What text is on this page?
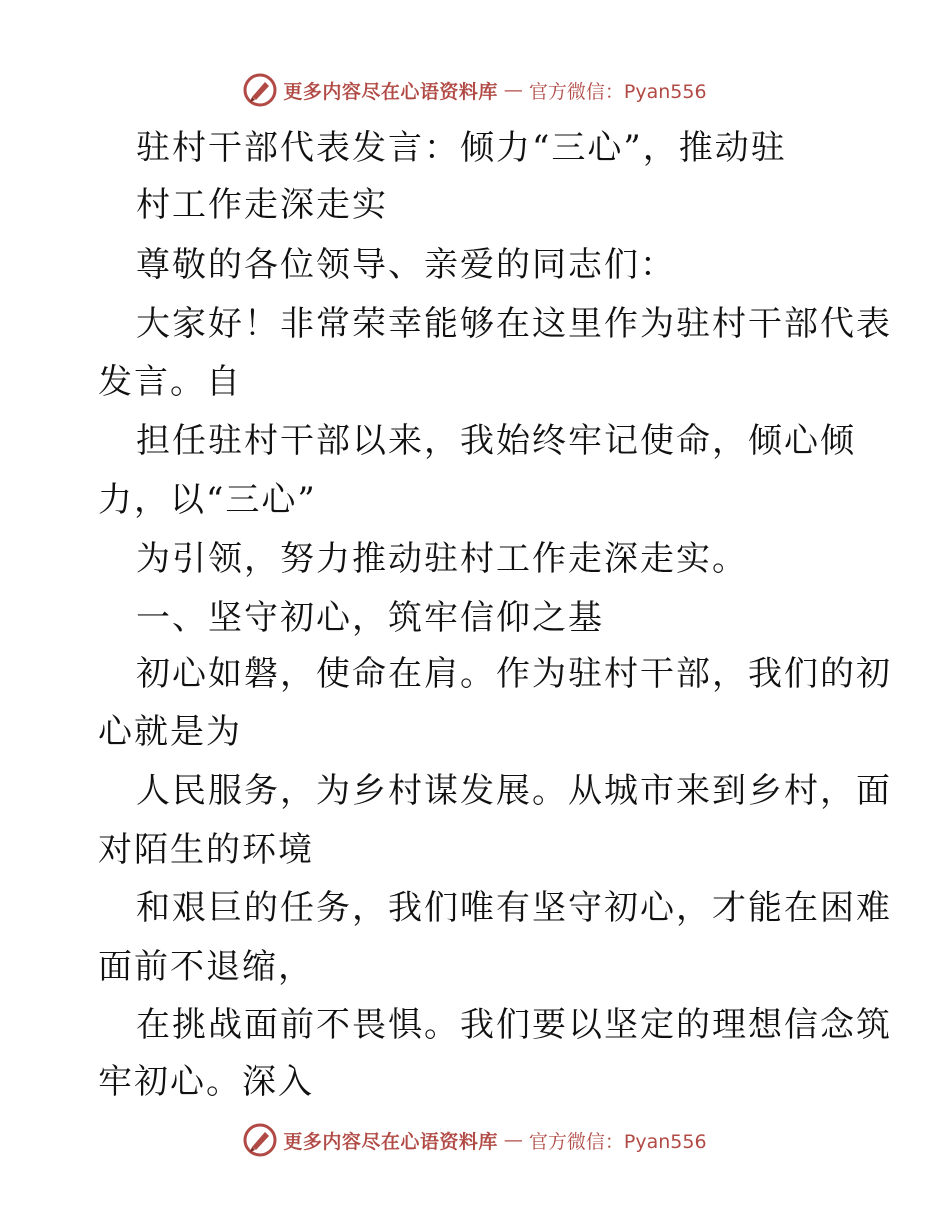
更多内容尽在心语资料库 — 官方微信：Pyan556
驻村干部代表发言：倾力“三心”，推动驻
村工作走深走实
尊敬的各位领导、亲爱的同志们：
大家好！非常荣幸能够在这里作为驻村干部代表
发言。自
担任驻村干部以来，我始终牢记使命，倾心倾
力，以“三心”
为引领，努力推动驻村工作走深走实。
一、坚守初心，筑牢信仰之基
初心如磐，使命在肩。作为驻村干部，我们的初
心就是为
人民服务，为乡村谋发展。从城市来到乡村，面
对陌生的环境
和艰巨的任务，我们唯有坚守初心，才能在困难
面前不退缩，
在挑战面前不畏惧。我们要以坚定的理想信念筑
牢初心。深入
更多内容尽在心语资料库 — 官方微信：Pyan556
